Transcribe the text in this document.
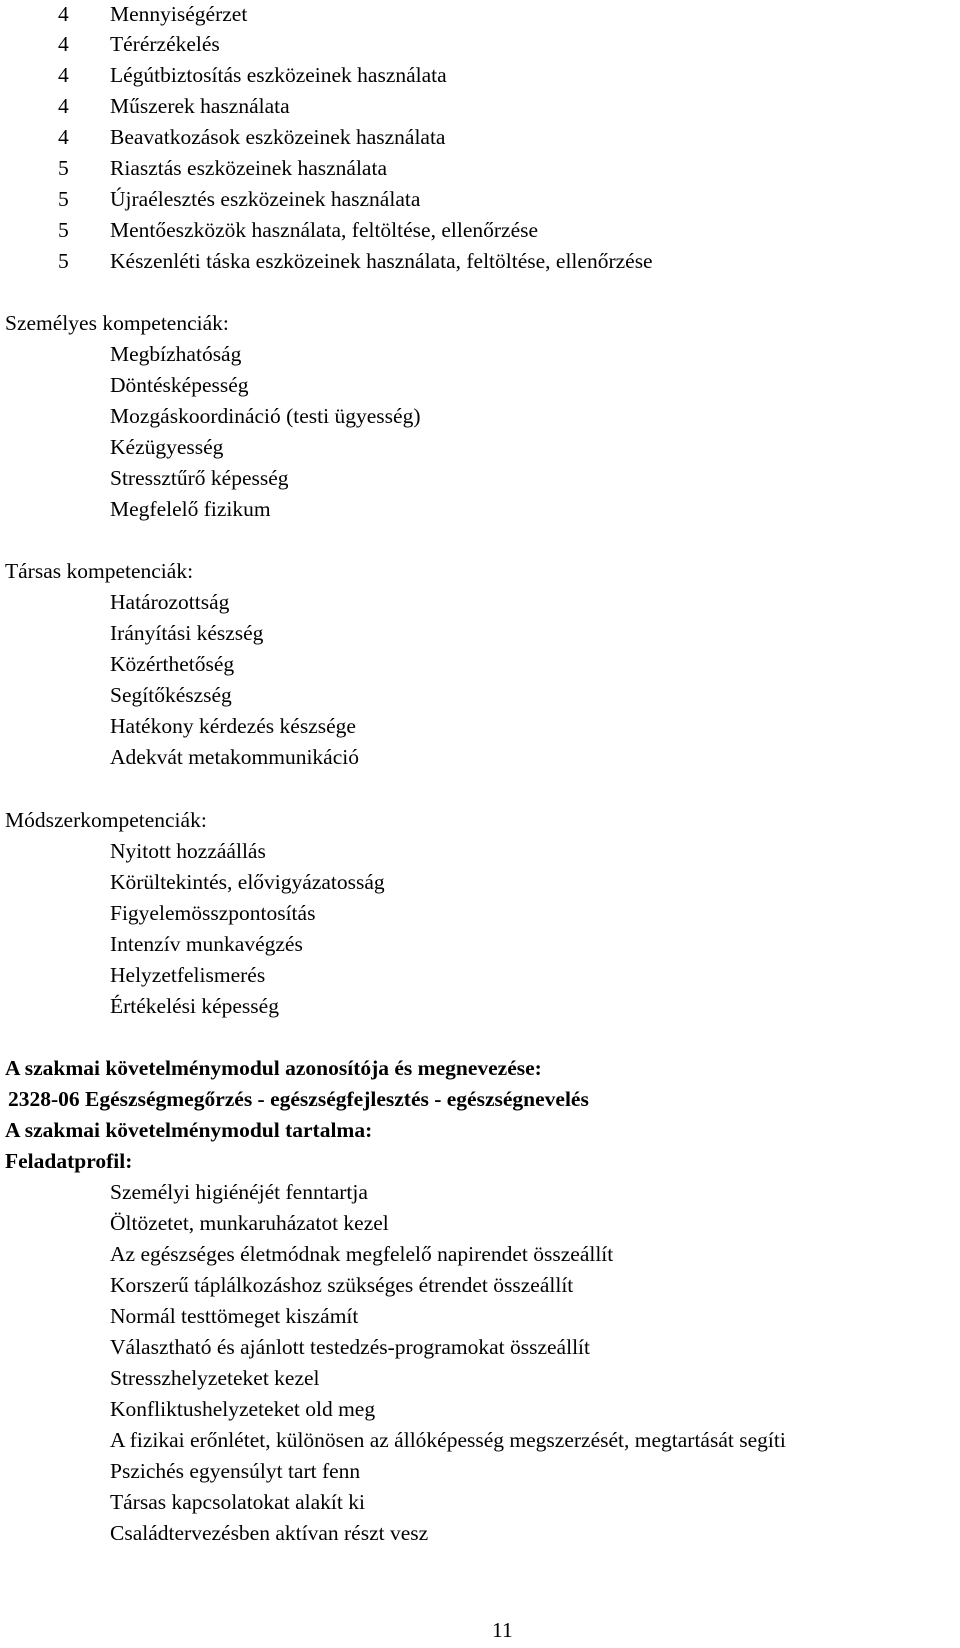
4 Mennyiségérzet
4 Térérzékelés
4 Légútbiztosítás eszközeinek használata
4 Műszerek használata
4 Beavatkozások eszközeinek használata
5 Riasztás eszközeinek használata
5 Újraélesztés eszközeinek használata
5 Mentőeszközök használata, feltöltése, ellenőrzése
5 Készenléti táska eszközeinek használata, feltöltése, ellenőrzése
Személyes kompetenciák:
Megbízhatóság
Döntésképesség
Mozgáskoordináció (testi ügyesség)
Kézügyesség
Stressztűrő képesség
Megfelelő fizikum
Társas kompetenciák:
Határozottság
Irányítási készség
Közérthetőség
Segítőkészség
Hatékony kérdezés készsége
Adekvát metakommunikáció
Módszerkompetenciák:
Nyitott hozzáállás
Körültekintés, elővigyázatosság
Figyelemösszpontosítás
Intenzív munkavégzés
Helyzetfelismerés
Értékelési képesség
A szakmai követelménymodul azonosítója és megnevezése:
2328-06 Egészségmegőrzés - egészségfejlesztés - egészségnevelés
A szakmai követelménymodul tartalma:
Feladatprofil:
Személyi higiénéjét fenntartja
Öltözetet, munkaruházatot kezel
Az egészséges életmódnak megfelelő napirendet összeállít
Korszerű táplálkozáshoz szükséges étrendet összeállít
Normál testtömeget kiszámít
Választható és ajánlott testedzés-programokat összeállít
Stresszhelyzeteket kezel
Konfliktushelyzeteket old meg
A fizikai erőnlétet, különösen az állóképesség megszerzését, megtartását segíti
Pszichés egyensúlyt tart fenn
Társas kapcsolatokat alakít ki
Családtervezésben aktívan részt vesz
11
